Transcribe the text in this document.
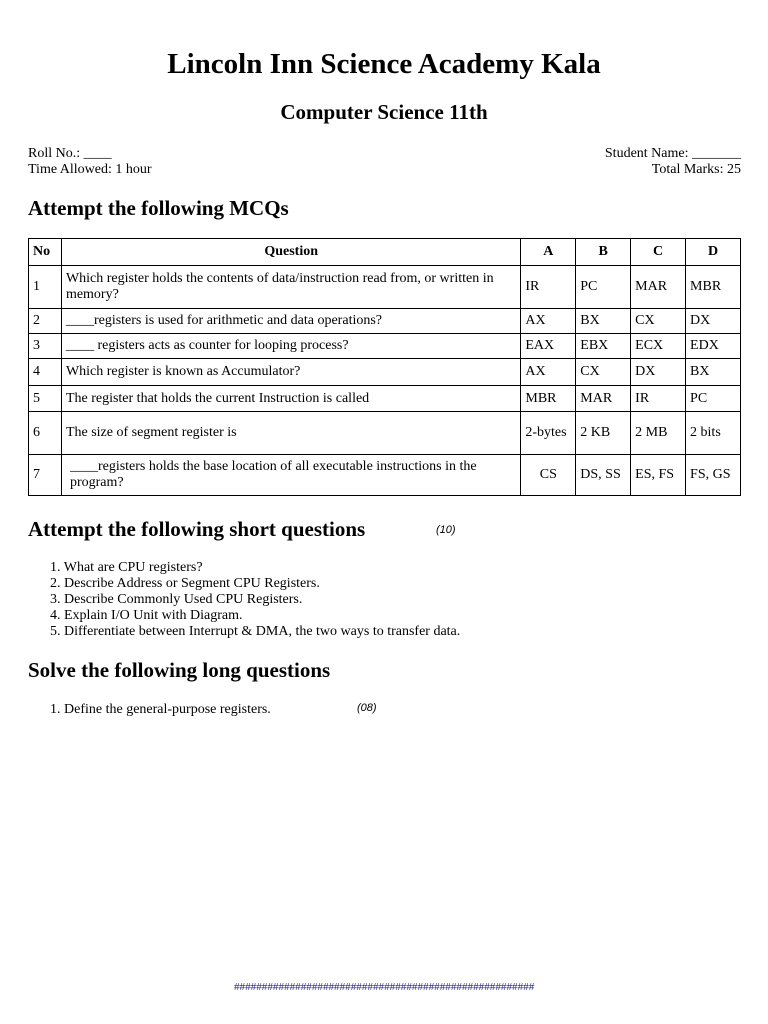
Lincoln Inn Science Academy Kala
Computer Science 11th
Roll No.: ____
Time Allowed: 1 hour
Student Name: _______
Total Marks: 25
Attempt the following MCQs
No	Question	A	B	C	D
1	Which register holds the contents of data/instruction read from, or written in memory?	IR	PC	MAR	MBR
2	____registers is used for arithmetic and data operations?	AX	BX	CX	DX
3	____ registers acts as counter for looping process?	EAX	EBX	ECX	EDX
4	Which register is known as Accumulator?	AX	CX	DX	BX
5	The register that holds the current Instruction is called	MBR	MAR	IR	PC
6	The size of segment register is	2-bytes	2 KB	2 MB	2 bits
7	____registers holds the base location of all executable instructions in the program?	CS	DS, SS	ES, FS	FS, GS
Attempt the following short questions	(10)
1. What are CPU registers?
2. Describe Address or Segment CPU Registers.
3. Describe Commonly Used CPU Registers.
4. Explain I/O Unit with Diagram.
5. Differentiate between Interrupt & DMA, the two ways to transfer data.
Solve the following long questions
1. Define the general-purpose registers.	(08)
######################################################
